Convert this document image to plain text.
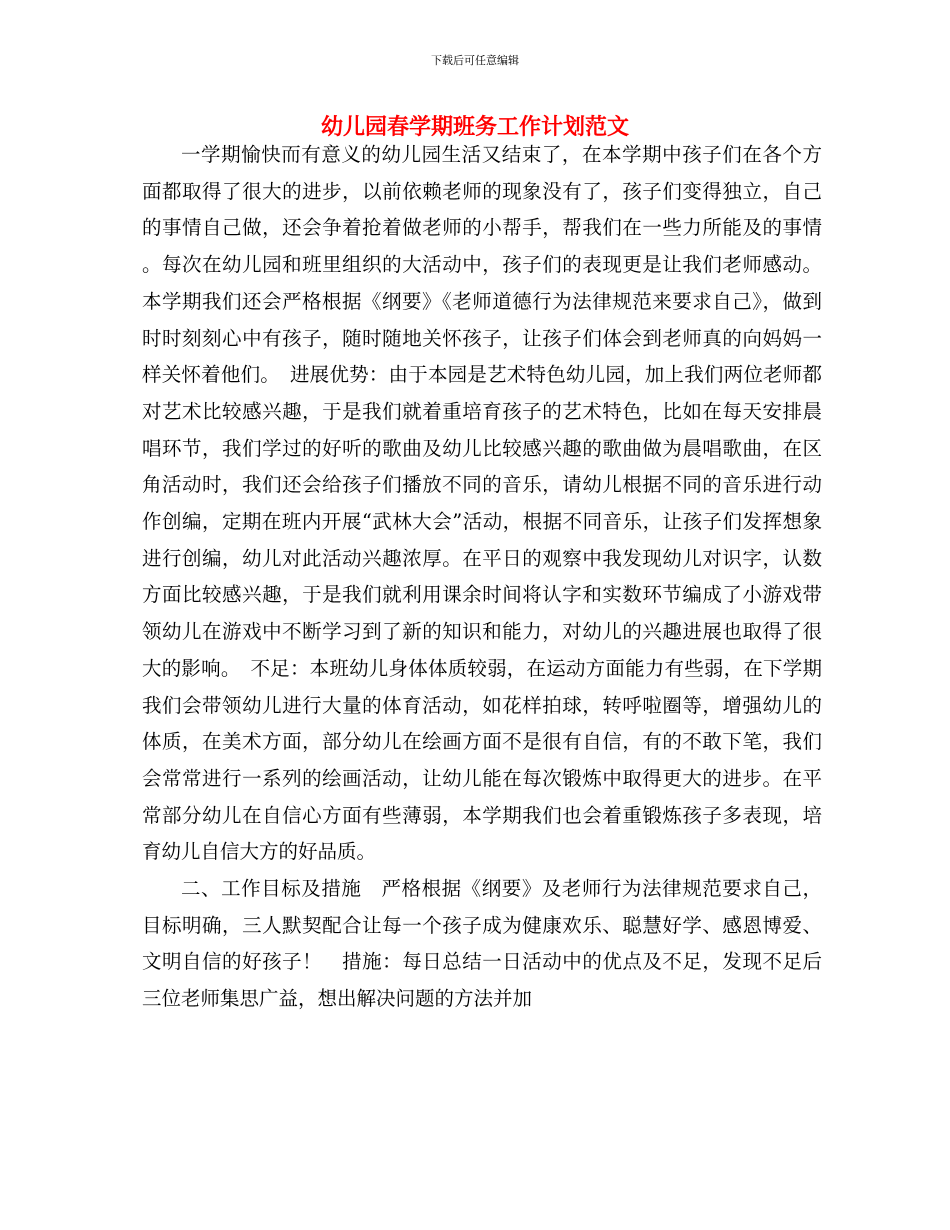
下载后可任意编辑
幼儿园春学期班务工作计划范文

一学期愉快而有意义的幼儿园生活又结束了，在本学期中孩子们在各个方面都取得了很大的进步，以前依赖老师的现象没有了，孩子们变得独立，自己的事情自己做，还会争着抢着做老师的小帮手，帮我们在一些力所能及的事情。每次在幼儿园和班里组织的大活动中，孩子们的表现更是让我们老师感动。本学期我们还会严格根据《纲要》《老师道德行为法律规范来要求自己》，做到时时刻刻心中有孩子，随时随地关怀孩子，让孩子们体会到老师真的向妈妈一样关怀着他们。　进展优势：由于本园是艺术特色幼儿园，加上我们两位老师都对艺术比较感兴趣，于是我们就着重培育孩子的艺术特色，比如在每天安排晨唱环节，我们学过的好听的歌曲及幼儿比较感兴趣的歌曲做为晨唱歌曲，在区角活动时，我们还会给孩子们播放不同的音乐，请幼儿根据不同的音乐进行动作创编，定期在班内开展“武林大会”活动，根据不同音乐，让孩子们发挥想象进行创编，幼儿对此活动兴趣浓厚。在平日的观察中我发现幼儿对识字，认数方面比较感兴趣，于是我们就利用课余时间将认字和实数环节编成了小游戏带领幼儿在游戏中不断学习到了新的知识和能力，对幼儿的兴趣进展也取得了很大的影响。　不足：本班幼儿身体体质较弱，在运动方面能力有些弱，在下学期我们会带领幼儿进行大量的体育活动，如花样拍球，转呼啦圈等，增强幼儿的体质，在美术方面，部分幼儿在绘画方面不是很有自信，有的不敢下笔，我们会常常进行一系列的绘画活动，让幼儿能在每次锻炼中取得更大的进步。在平常部分幼儿在自信心方面有些薄弱，本学期我们也会着重锻炼孩子多表现，培育幼儿自信大方的好品质。

二、工作目标及措施　严格根据《纲要》及老师行为法律规范要求自己，目标明确，三人默契配合让每一个孩子成为健康欢乐、聪慧好学、感恩博爱、文明自信的好孩子！　措施：每日总结一日活动中的优点及不足，发现不足后三位老师集思广益，想出解决问题的方法并加
